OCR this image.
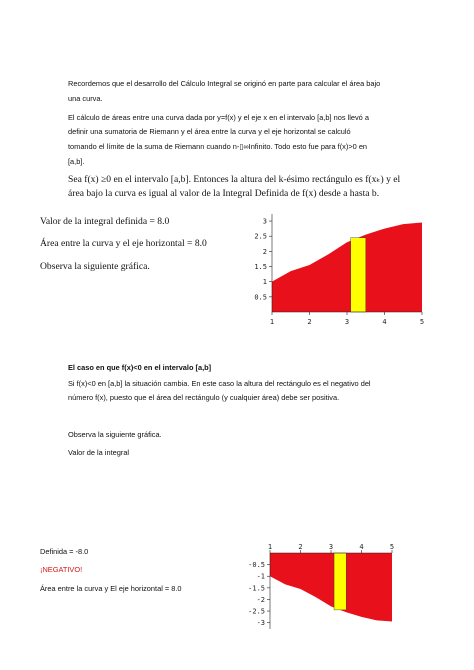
Recordemos que el desarrollo del Cálculo Integral se originó en parte para calcular el área bajo
una curva.
El cálculo de áreas entre una curva dada por y=f(x) y el eje x en el intervalo [a,b] nos llevó a
definir una sumatoria de Riemann y el área entre la curva y el eje horizontal se calculó
tomando el límite de la suma de Riemann cuando n-▯∞Infinito. Todo esto fue para f(x)>0 en
[a,b].
Sea f(x) ≥0 en el intervalo [a,b]. Entonces la altura del k-ésimo rectángulo es f(xₖ) y el
área bajo la curva es igual al valor de la Integral Definida de f(x) desde a hasta b.
Valor de la integral definida = 8.0
Área entre la curva y el eje horizontal = 8.0
Observa la siguiente gráfica.
1	2	3	4	5
0.5
1
1.5
2
2.5
3
El caso en que f(x)<0 en el intervalo [a,b]
Si f(x)<0 en [a,b] la situación cambia. En este caso la altura del rectángulo es el negativo del
número f(x), puesto que el área del rectángulo (y cualquier área) debe ser positiva.
Observa la siguiente gráfica.
Valor de la integral
Definida = -8.0
¡NEGATIVO!
Área entre la curva y El eje horizontal = 8.0
1	2	3	4	5
-0.5
-1
-1.5
-2
-2.5
-3
